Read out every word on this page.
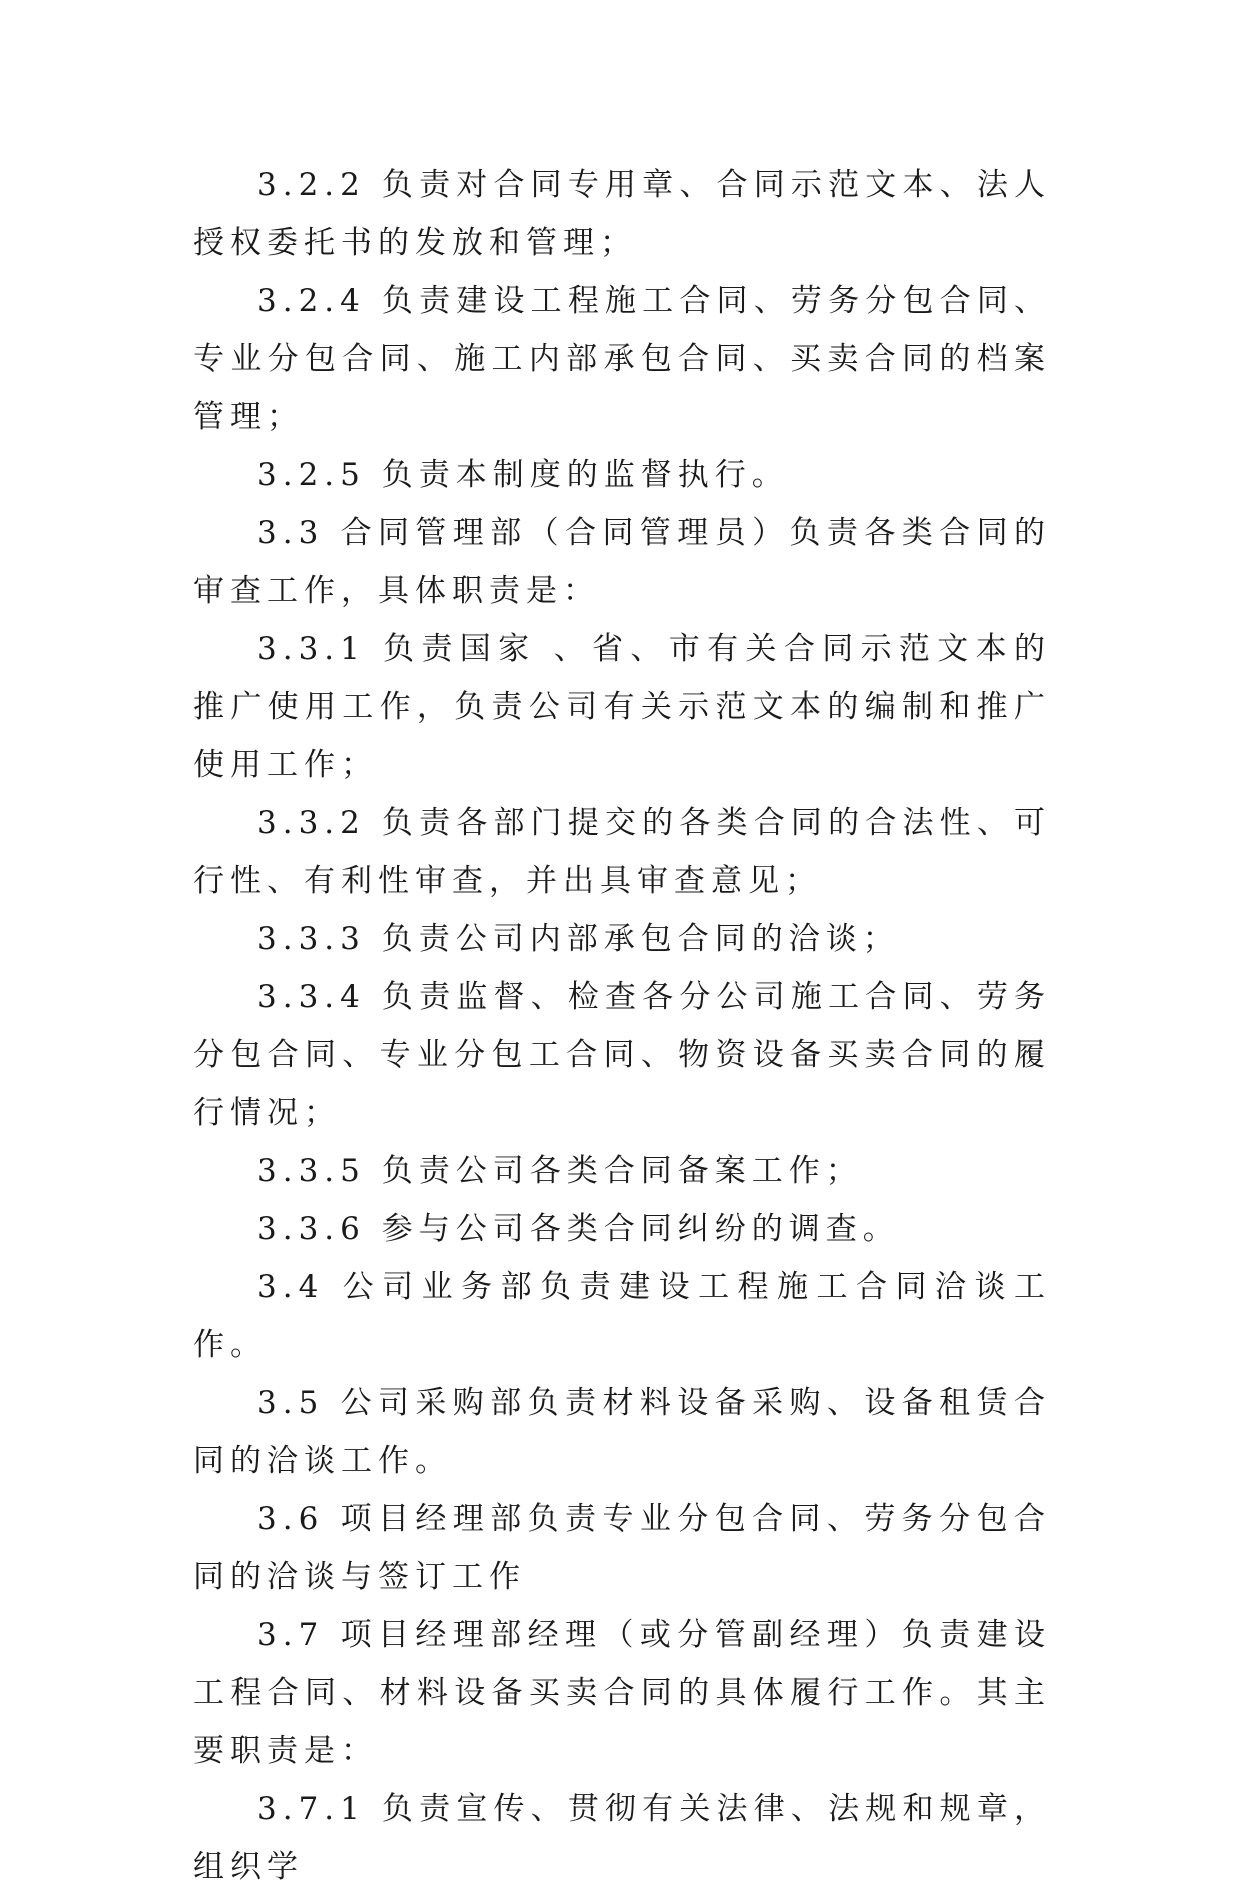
3.2.2 负责对合同专用章、合同示范文本、法人授权委托书的发放和管理；

3.2.4 负责建设工程施工合同、劳务分包合同、专业分包合同、施工内部承包合同、买卖合同的档案管理；

3.2.5 负责本制度的监督执行。

3.3 合同管理部（合同管理员）负责各类合同的审查工作，具体职责是：

3.3.1 负责国家 、省、市有关合同示范文本的推广使用工作，负责公司有关示范文本的编制和推广使用工作；

3.3.2 负责各部门提交的各类合同的合法性、可行性、有利性审查，并出具审查意见；

3.3.3 负责公司内部承包合同的洽谈；

3.3.4 负责监督、检查各分公司施工合同、劳务分包合同、专业分包工合同、物资设备买卖合同的履行情况；

3.3.5 负责公司各类合同备案工作；

3.3.6 参与公司各类合同纠纷的调查。

3.4 公司业务部负责建设工程施工合同洽谈工作。

3.5 公司采购部负责材料设备采购、设备租赁合同的洽谈工作。

3.6 项目经理部负责专业分包合同、劳务分包合同的洽谈与签订工作

3.7 项目经理部经理（或分管副经理）负责建设工程合同、材料设备买卖合同的具体履行工作。其主要职责是：

3.7.1 负责宣传、贯彻有关法律、法规和规章，组织学
